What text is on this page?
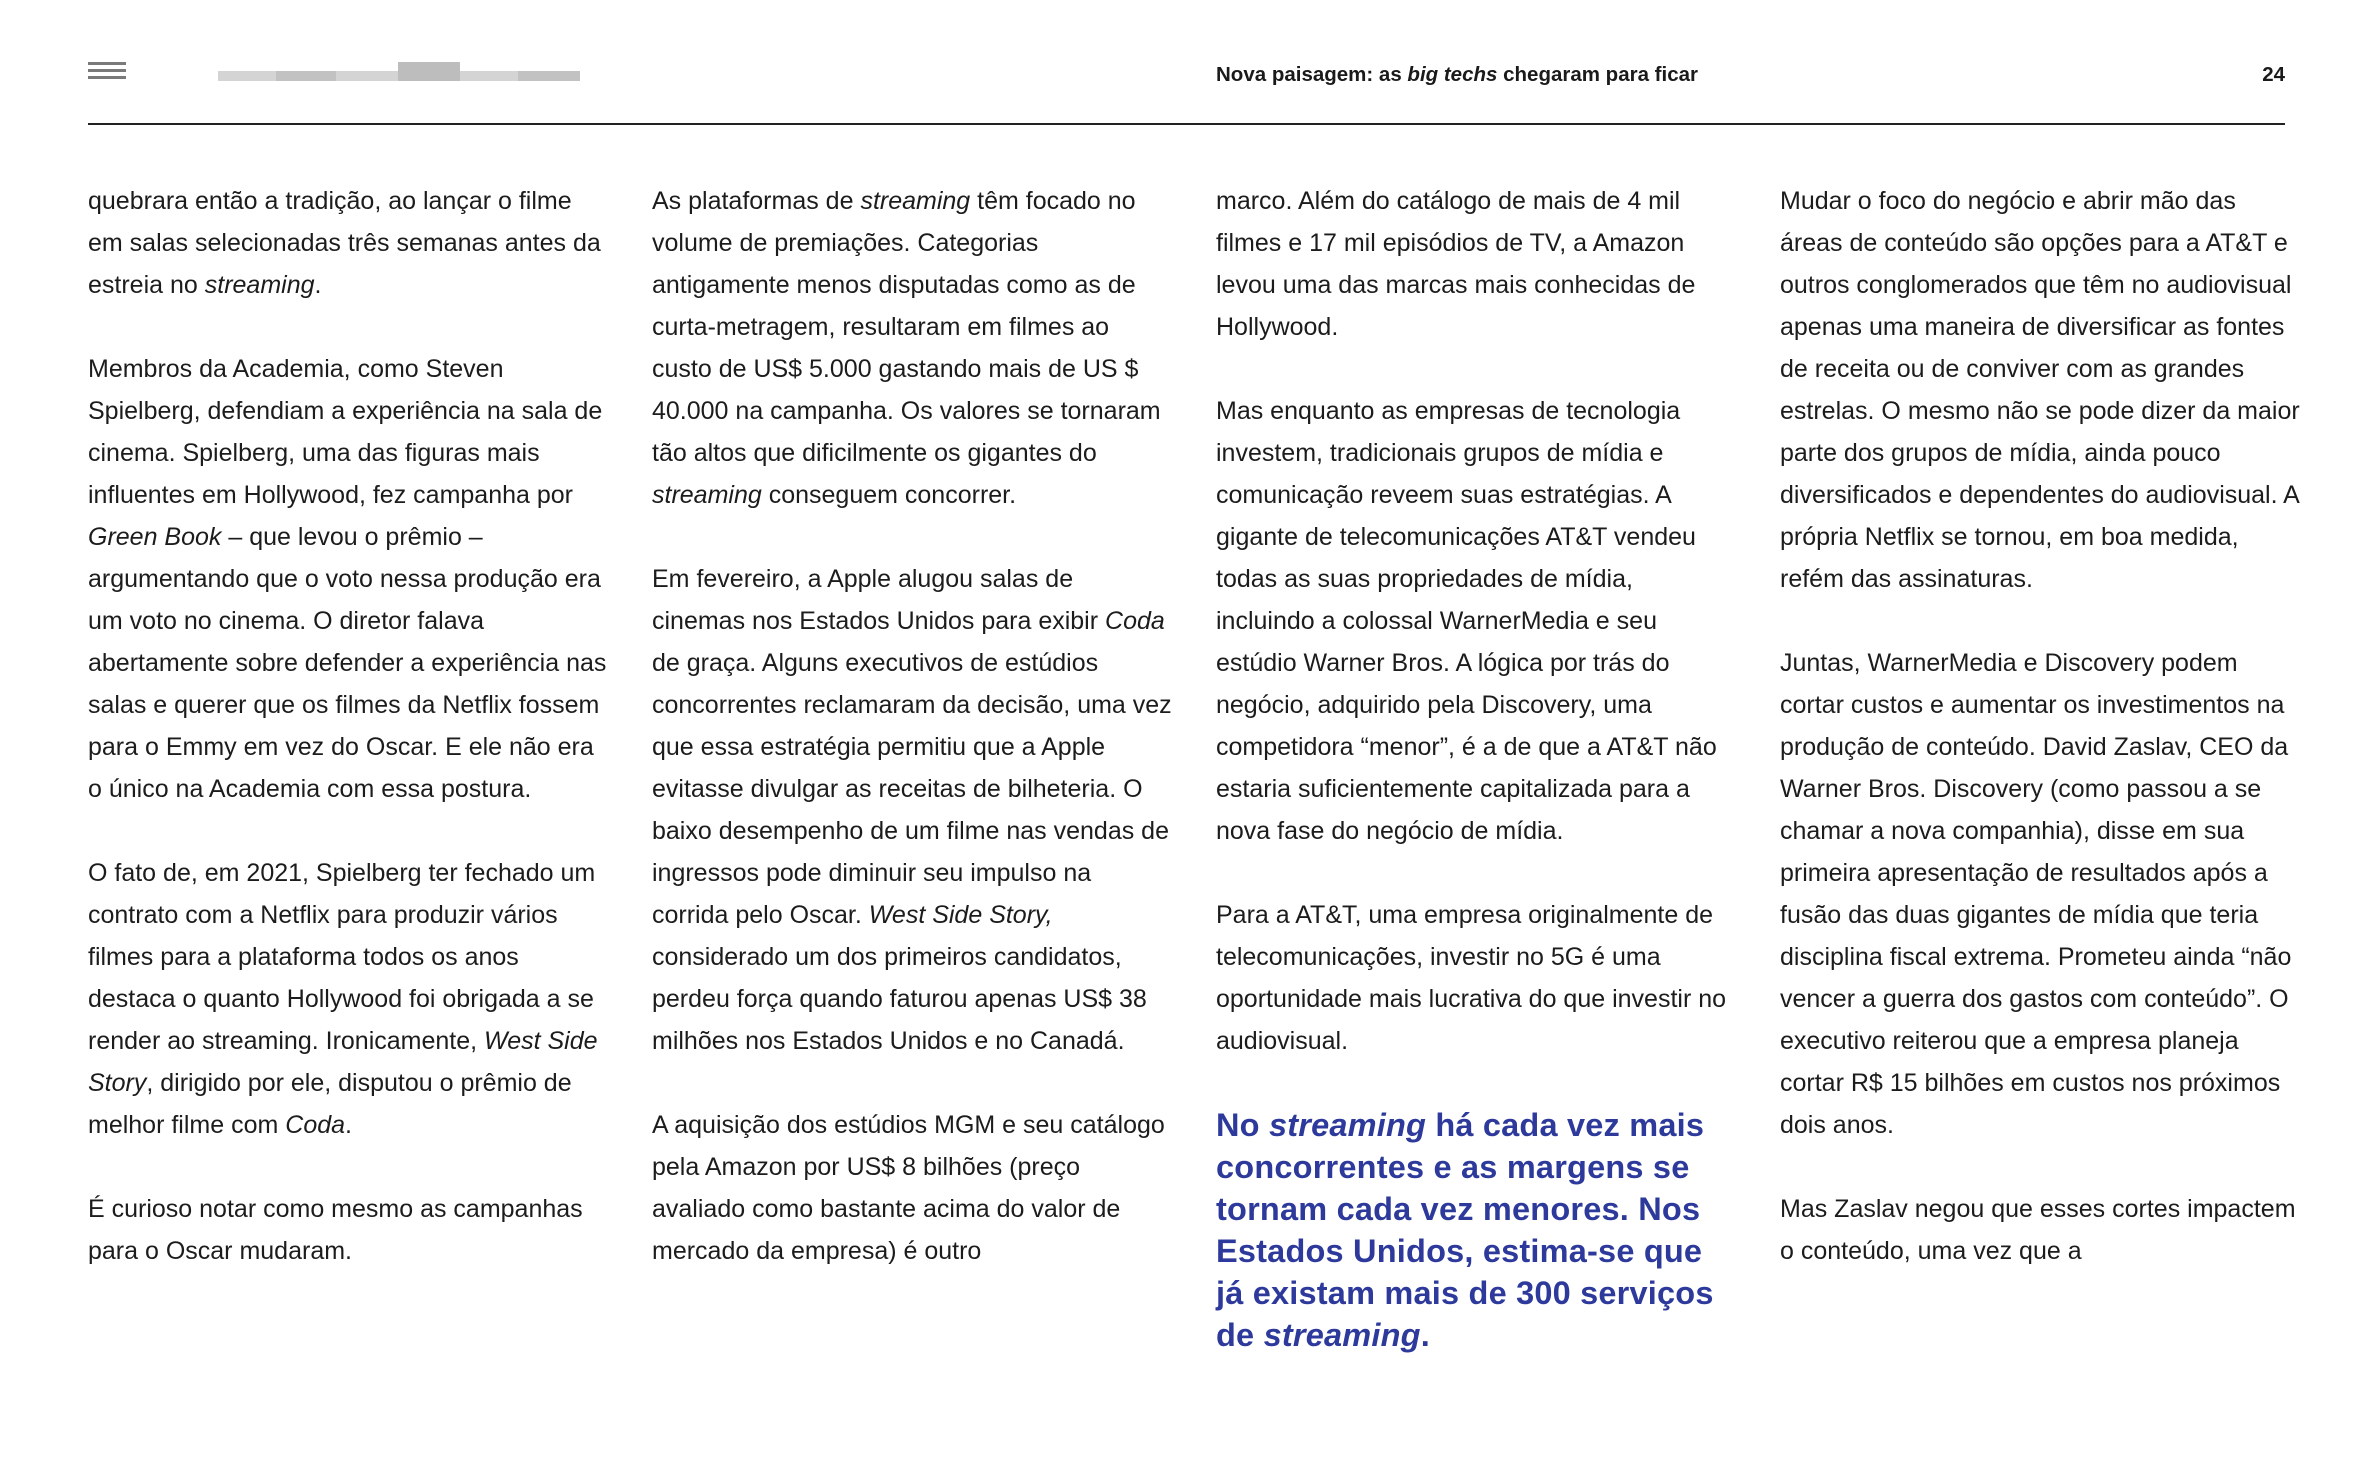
Nova paisagem: as big techs chegaram para ficar	24

quebrara então a tradição, ao lançar o filme em salas selecionadas três semanas antes da estreia no streaming.

Membros da Academia, como Steven Spielberg, defendiam a experiência na sala de cinema. Spielberg, uma das figuras mais influentes em Hollywood, fez campanha por Green Book – que levou o prêmio – argumentando que o voto nessa produção era um voto no cinema. O diretor falava abertamente sobre defender a experiência nas salas e querer que os filmes da Netflix fossem para o Emmy em vez do Oscar. E ele não era o único na Academia com essa postura.

O fato de, em 2021, Spielberg ter fechado um contrato com a Netflix para produzir vários filmes para a plataforma todos os anos destaca o quanto Hollywood foi obrigada a se render ao streaming. Ironicamente, West Side Story, dirigido por ele, disputou o prêmio de melhor filme com Coda.

É curioso notar como mesmo as campanhas para o Oscar mudaram.

As plataformas de streaming têm focado no volume de premiações. Categorias antigamente menos disputadas como as de curta-metragem, resultaram em filmes ao custo de US$ 5.000 gastando mais de US $ 40.000 na campanha. Os valores se tornaram tão altos que dificilmente os gigantes do streaming conseguem concorrer.

Em fevereiro, a Apple alugou salas de cinemas nos Estados Unidos para exibir Coda de graça. Alguns executivos de estúdios concorrentes reclamaram da decisão, uma vez que essa estratégia permitiu que a Apple evitasse divulgar as receitas de bilheteria. O baixo desempenho de um filme nas vendas de ingressos pode diminuir seu impulso na corrida pelo Oscar. West Side Story, considerado um dos primeiros candidatos, perdeu força quando faturou apenas US$ 38 milhões nos Estados Unidos e no Canadá.

A aquisição dos estúdios MGM e seu catálogo pela Amazon por US$ 8 bilhões (preço avaliado como bastante acima do valor de mercado da empresa) é outro

marco. Além do catálogo de mais de 4 mil filmes e 17 mil episódios de TV, a Amazon levou uma das marcas mais conhecidas de Hollywood.

Mas enquanto as empresas de tecnologia investem, tradicionais grupos de mídia e comunicação reveem suas estratégias. A gigante de telecomunicações AT&T vendeu todas as suas propriedades de mídia, incluindo a colossal WarnerMedia e seu estúdio Warner Bros. A lógica por trás do negócio, adquirido pela Discovery, uma competidora “menor”, é a de que a AT&T não estaria suficientemente capitalizada para a nova fase do negócio de mídia.

Para a AT&T, uma empresa originalmente de telecomunicações, investir no 5G é uma oportunidade mais lucrativa do que investir no audiovisual.

No streaming há cada vez mais concorrentes e as margens se tornam cada vez menores. Nos Estados Unidos, estima-se que já existam mais de 300 serviços de streaming.

Mudar o foco do negócio e abrir mão das áreas de conteúdo são opções para a AT&T e outros conglomerados que têm no audiovisual apenas uma maneira de diversificar as fontes de receita ou de conviver com as grandes estrelas. O mesmo não se pode dizer da maior parte dos grupos de mídia, ainda pouco diversificados e dependentes do audiovisual. A própria Netflix se tornou, em boa medida, refém das assinaturas.

Juntas, WarnerMedia e Discovery podem cortar custos e aumentar os investimentos na produção de conteúdo. David Zaslav, CEO da Warner Bros. Discovery (como passou a se chamar a nova companhia), disse em sua primeira apresentação de resultados após a fusão das duas gigantes de mídia que teria disciplina fiscal extrema. Prometeu ainda “não vencer a guerra dos gastos com conteúdo”. O executivo reiterou que a empresa planeja cortar R$ 15 bilhões em custos nos próximos dois anos.

Mas Zaslav negou que esses cortes impactem o conteúdo, uma vez que a
